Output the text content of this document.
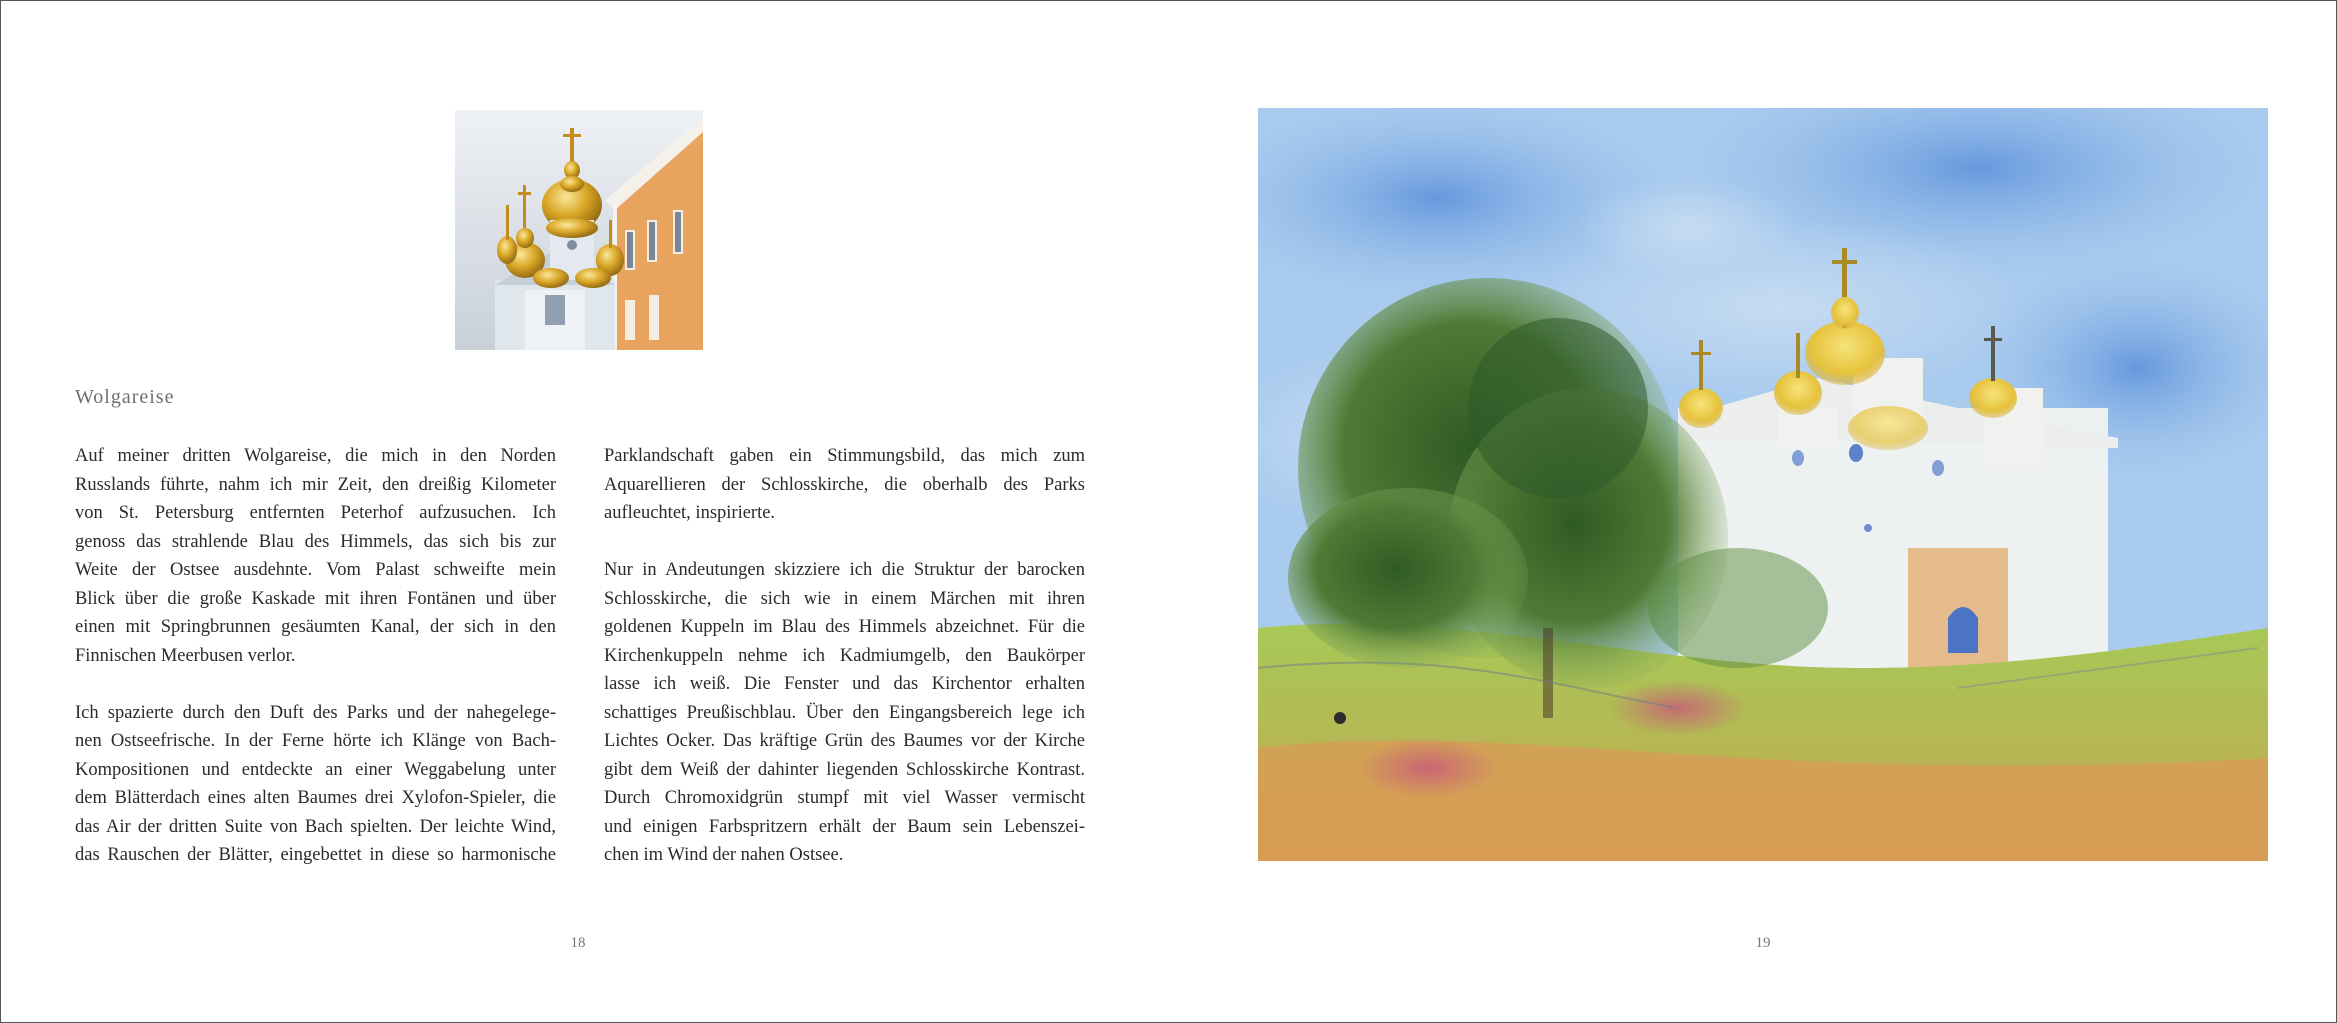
Wolgareise
Auf meiner dritten Wolgareise, die mich in den Norden
Russlands führte, nahm ich mir Zeit, den dreißig Kilometer
von St. Petersburg entfernten Peterhof aufzusuchen. Ich
genoss das strahlende Blau des Himmels, das sich bis zur
Weite der Ostsee ausdehnte. Vom Palast schweifte mein
Blick über die große Kaskade mit ihren Fontänen und über
einen mit Springbrunnen gesäumten Kanal, der sich in den
Finnischen Meerbusen verlor.
Ich spazierte durch den Duft des Parks und der nahegelege-
nen Ostseefrische. In der Ferne hörte ich Klänge von Bach-
Kompositionen und entdeckte an einer Weggabelung unter
dem Blätterdach eines alten Baumes drei Xylofon-Spieler, die
das Air der dritten Suite von Bach spielten. Der leichte Wind,
das Rauschen der Blätter, eingebettet in diese so harmonische
Parklandschaft gaben ein Stimmungsbild, das mich zum
Aquarellieren der Schlosskirche, die oberhalb des Parks
aufleuchtet, inspirierte.
Nur in Andeutungen skizziere ich die Struktur der barocken
Schlosskirche, die sich wie in einem Märchen mit ihren
goldenen Kuppeln im Blau des Himmels abzeichnet. Für die
Kirchenkuppeln nehme ich Kadmiumgelb, den Baukörper
lasse ich weiß. Die Fenster und das Kirchentor erhalten
schattiges Preußischblau. Über den Eingangsbereich lege ich
Lichtes Ocker. Das kräftige Grün des Baumes vor der Kirche
gibt dem Weiß der dahinter liegenden Schlosskirche Kontrast.
Durch Chromoxidgrün stumpf mit viel Wasser vermischt
und einigen Farbspritzern erhält der Baum sein Lebenszei-
chen im Wind der nahen Ostsee.
18	19
